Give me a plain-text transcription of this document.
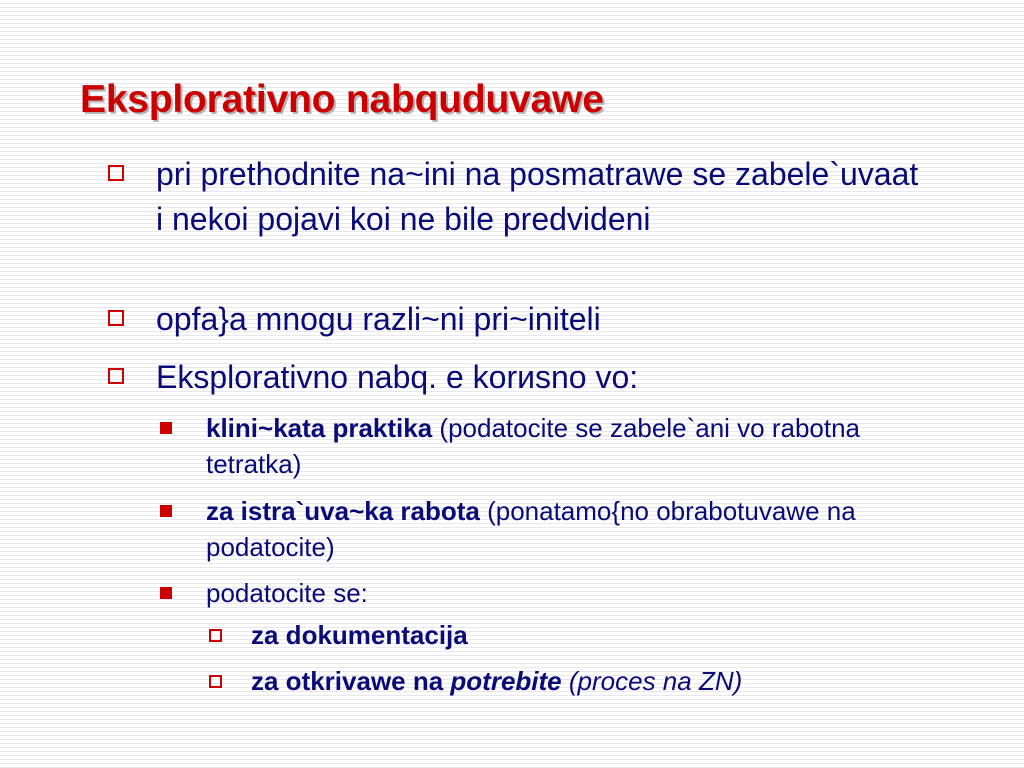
Eksplorativno nabquduvawe
pri prethodnite na~ini na posmatrawe se zabele`uvaat i nekoi pojavi koi ne bile predvideni
opfa}a mnogu razli~ni pri~initeli
Eksplorativno nabq. e korиsno vo:
klini~kata praktika (podatocite se zabele`ani vo rabotna tetratka)
za istra`uva~ka rabota (ponatamo{no obrabotuvawe na podatocite)
podatocite se:
za dokumentacija
za otkrivawe na potrebite (proces na ZN)
